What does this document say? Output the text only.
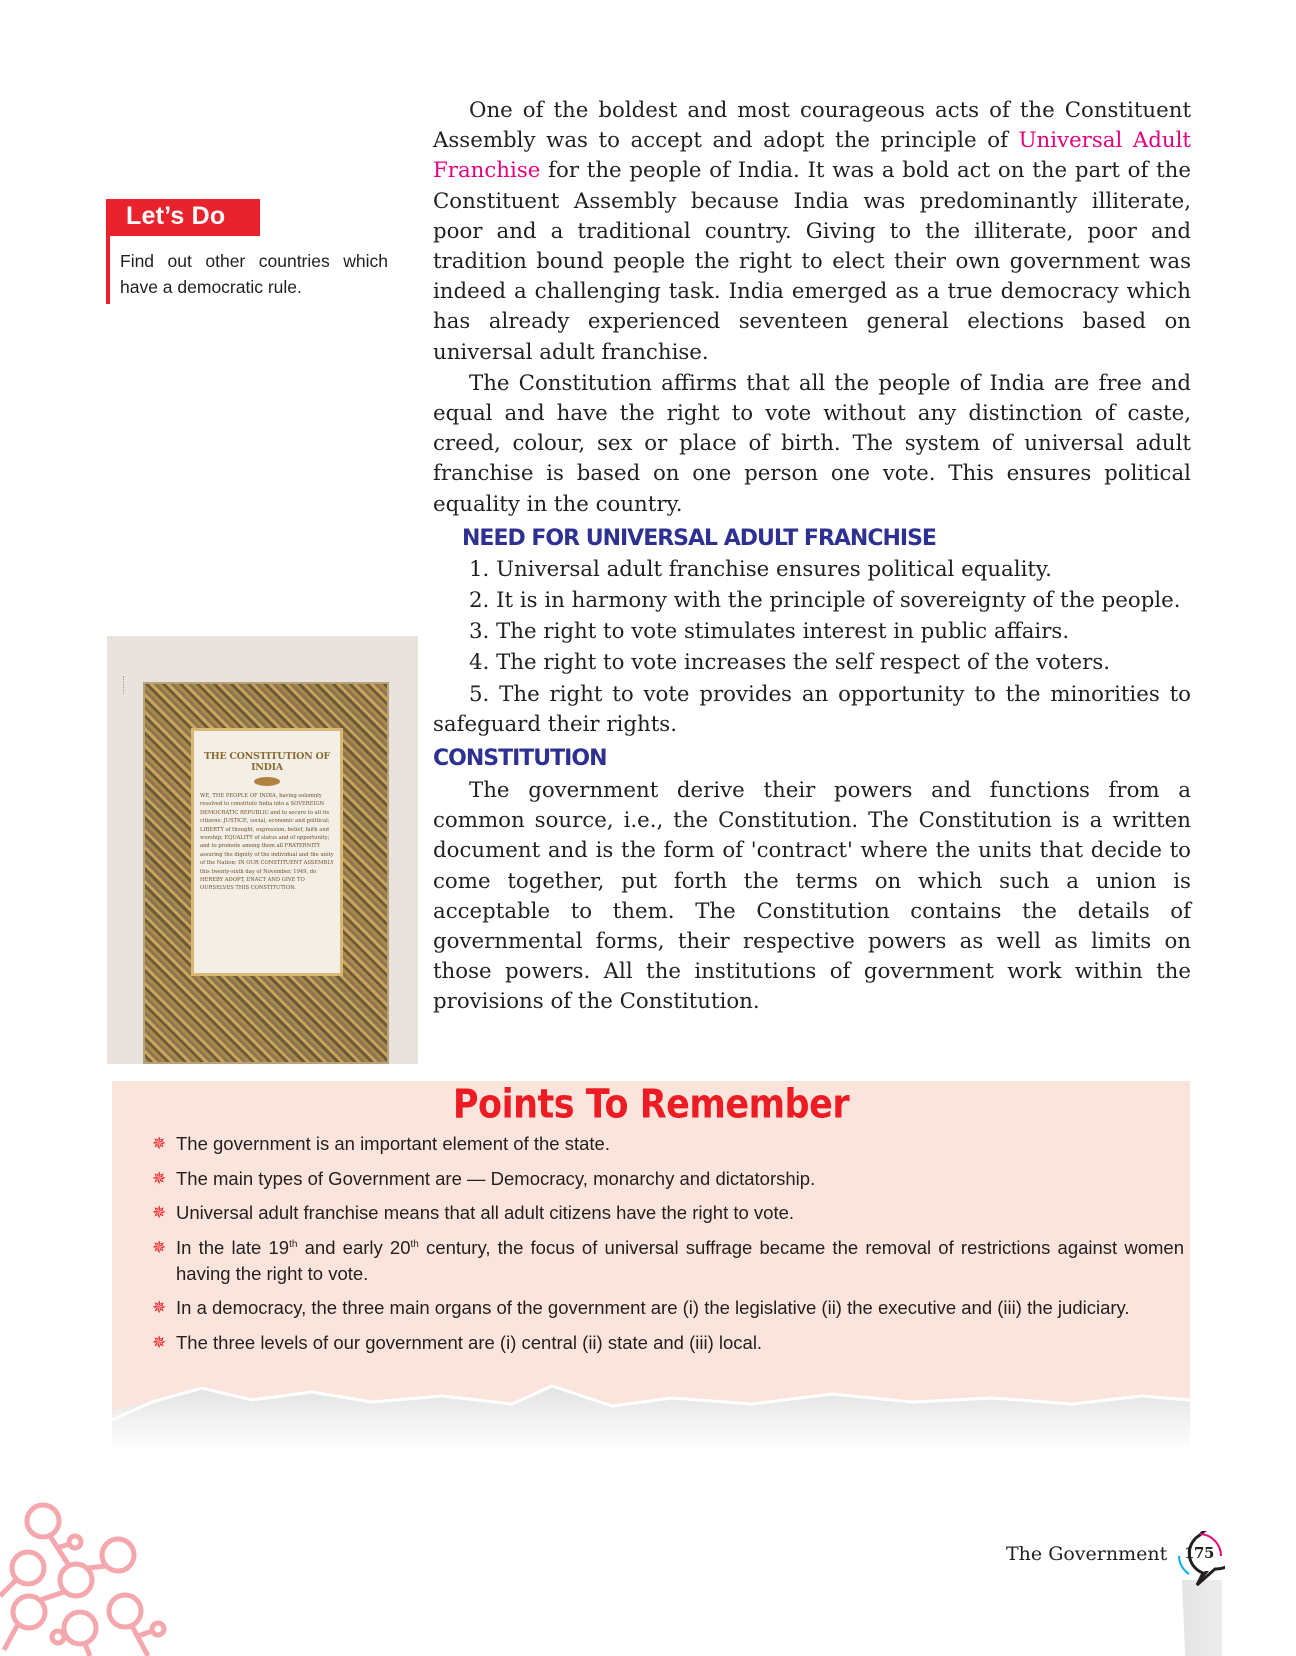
Let’s Do
Find out other countries which have a democratic rule.

One of the boldest and most courageous acts of the Constituent Assembly was to accept and adopt the principle of Universal Adult Franchise for the people of India. It was a bold act on the part of the Constituent Assembly because India was predominantly illiterate, poor and a traditional country. Giving to the illiterate, poor and tradition bound people the right to elect their own government was indeed a challenging task. India emerged as a true democracy which has already experienced seventeen general elections based on universal adult franchise.

The Constitution affirms that all the people of India are free and equal and have the right to vote without any distinction of caste, creed, colour, sex or place of birth. The system of universal adult franchise is based on one person one vote. This ensures political equality in the country.

NEED FOR UNIVERSAL ADULT FRANCHISE

1. Universal adult franchise ensures political equality.

2. It is in harmony with the principle of sovereignty of the people.

3. The right to vote stimulates interest in public affairs.

4. The right to vote increases the self respect of the voters.

5. The right to vote provides an opportunity to the minorities to safeguard their rights.

CONSTITUTION

The government derive their powers and functions from a common source, i.e., the Constitution. The Constitution is a written document and is the form of 'contract' where the units that decide to come together, put forth the terms on which such a union is acceptable to them. The Constitution contains the details of governmental forms, their respective powers as well as limits on those powers. All the institutions of government work within the provisions of the Constitution.

THE CONSTITUTION OF INDIA
WE, THE PEOPLE OF INDIA, having solemnly resolved to constitute India into a SOVEREIGN DEMOCRATIC REPUBLIC and to secure to all its citizens: JUSTICE, social, economic and political; LIBERTY of thought, expression, belief, faith and worship; EQUALITY of status and of opportunity; and to promote among them all FRATERNITY assuring the dignity of the individual and the unity of the Nation; IN OUR CONSTITUENT ASSEMBLY this twenty-sixth day of November, 1949, do HEREBY ADOPT, ENACT AND GIVE TO OURSELVES THIS CONSTITUTION.
Points To Remember
✵ The government is an important element of the state.
✵ The main types of Government are — Democracy, monarchy and dictatorship.
✵ Universal adult franchise means that all adult citizens have the right to vote.
✵ In the late 19th and early 20th century, the focus of universal suffrage became the removal of restrictions against women having the right to vote.
✵ In a democracy, the three main organs of the government are (i) the legislative (ii) the executive and (iii) the judiciary.
✵ The three levels of our government are (i) central (ii) state and (iii) local.
The Government	175
